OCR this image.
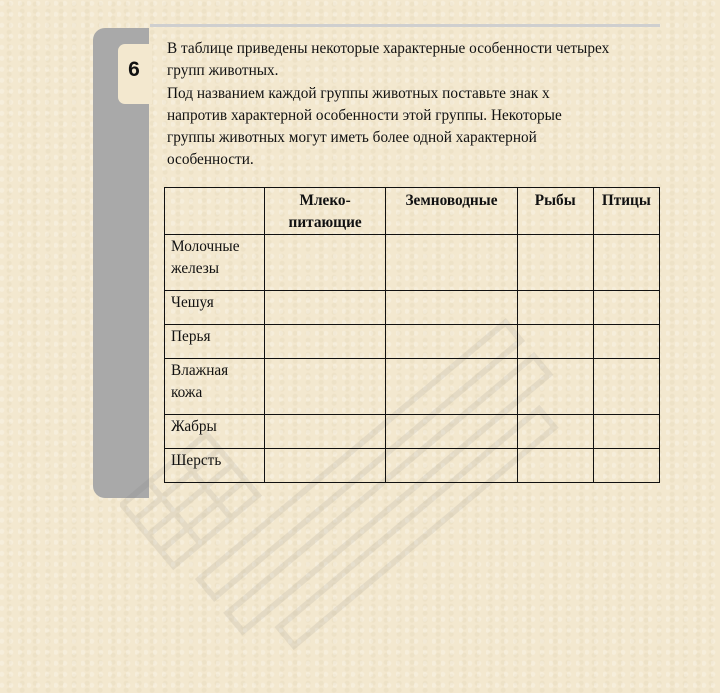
6

В таблице приведены некоторые характерные особенности четырех

групп животных.

Под названием каждой группы животных поставьте знак x

напротив характерной особенности этой группы. Некоторые

группы животных могут иметь более одной характерной

особенности.

	Млеко-
питающие	Земноводные	Рыбы	Птицы
Молочные
железы				
Чешуя				
Перья				
Влажная
кожа				
Жабры				
Шерсть				
